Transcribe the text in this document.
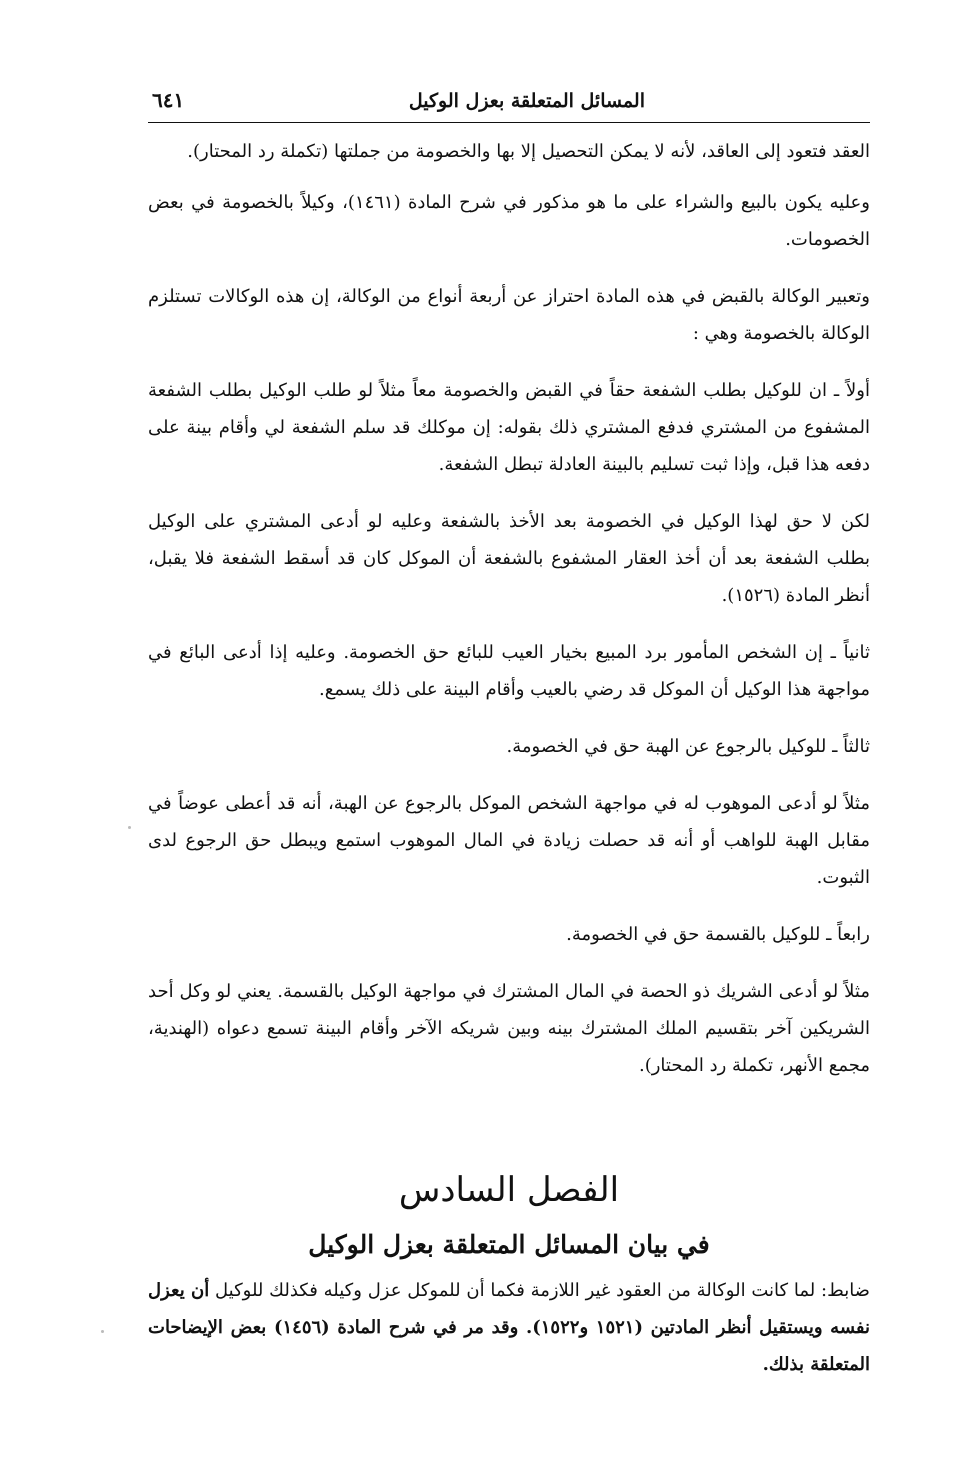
المسائل المتعلقة بعزل الوكيل
٦٤١

العقد فتعود إلى العاقد، لأنه لا يمكن التحصيل إلا بها والخصومة من جملتها (تكملة رد المحتار).

وعليه يكون بالبيع والشراء على ما هو مذكور في شرح المادة (١٤٦١)، وكيلاً بالخصومة في بعض الخصومات.

وتعبير الوكالة بالقبض في هذه المادة احتراز عن أربعة أنواع من الوكالة، إن هذه الوكالات تستلزم الوكالة بالخصومة وهي :

أولاً ـ ان للوكيل بطلب الشفعة حقاً في القبض والخصومة معاً مثلاً لو طلب الوكيل بطلب الشفعة المشفوع من المشتري فدفع المشتري ذلك بقوله: إن موكلك قد سلم الشفعة لي وأقام بينة على دفعه هذا قبل، وإذا ثبت تسليم بالبينة العادلة تبطل الشفعة.

لكن لا حق لهذا الوكيل في الخصومة بعد الأخذ بالشفعة وعليه لو أدعى المشتري على الوكيل بطلب الشفعة بعد أن أخذ العقار المشفوع بالشفعة أن الموكل كان قد أسقط الشفعة فلا يقبل، أنظر المادة (١٥٢٦).

ثانياً ـ إن الشخص المأمور برد المبيع بخيار العيب للبائع حق الخصومة. وعليه إذا أدعى البائع في مواجهة هذا الوكيل أن الموكل قد رضي بالعيب وأقام البينة على ذلك يسمع.

ثالثاً ـ للوكيل بالرجوع عن الهبة حق في الخصومة.

مثلاً لو أدعى الموهوب له في مواجهة الشخص الموكل بالرجوع عن الهبة، أنه قد أعطى عوضاً في مقابل الهبة للواهب أو أنه قد حصلت زيادة في المال الموهوب استمع ويبطل حق الرجوع لدى الثبوت.

رابعاً ـ للوكيل بالقسمة حق في الخصومة.

مثلاً لو أدعى الشريك ذو الحصة في المال المشترك في مواجهة الوكيل بالقسمة. يعني لو وكل أحد الشريكين آخر بتقسيم الملك المشترك بينه وبين شريكه الآخر وأقام البينة تسمع دعواه (الهندية، مجمع الأنهر، تكملة رد المحتار).

الفصل السادس
في بيان المسائل المتعلقة بعزل الوكيل

ضابط: لما كانت الوكالة من العقود غير اللازمة فكما أن للموكل عزل وكيله فكذلك للوكيل أن يعزل نفسه ويستقيل أنظر المادتين (١٥٢١ و١٥٢٢). وقد مر في شرح المادة (١٤٥٦) بعض الإيضاحات المتعلقة بذلك.
